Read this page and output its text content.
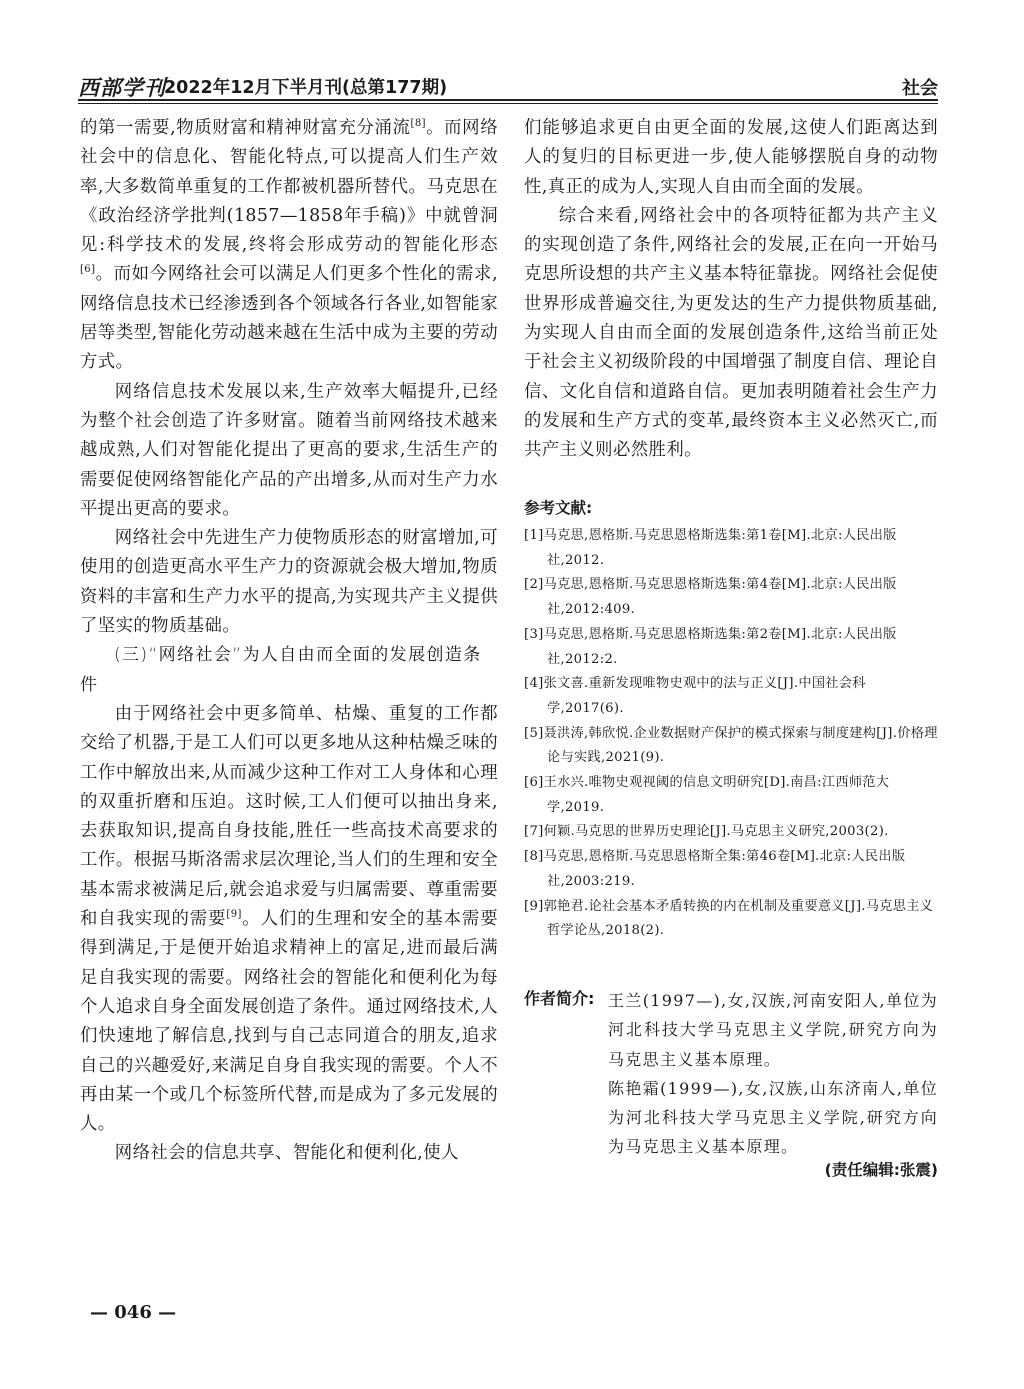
西部学刊
2022年12月下半月刊(总第177期)	社会

的第一需要,物质财富和精神财富充分涌流[8]。而网络社会中的信息化、智能化特点,可以提高人们生产效率,大多数简单重复的工作都被机器所替代。马克思在《政治经济学批判(1857—1858年手稿)》中就曾洞见:科学技术的发展,终将会形成劳动的智能化形态[6]。而如今网络社会可以满足人们更多个性化的需求,网络信息技术已经渗透到各个领域各行各业,如智能家居等类型,智能化劳动越来越在生活中成为主要的劳动方式。

网络信息技术发展以来,生产效率大幅提升,已经为整个社会创造了许多财富。随着当前网络技术越来越成熟,人们对智能化提出了更高的要求,生活生产的需要促使网络智能化产品的产出增多,从而对生产力水平提出更高的要求。

网络社会中先进生产力使物质形态的财富增加,可使用的创造更高水平生产力的资源就会极大增加,物质资料的丰富和生产力水平的提高,为实现共产主义提供了坚实的物质基础。

(三)“网络社会”为人自由而全面的发展创造条件

由于网络社会中更多简单、枯燥、重复的工作都交给了机器,于是工人们可以更多地从这种枯燥乏味的工作中解放出来,从而减少这种工作对工人身体和心理的双重折磨和压迫。这时候,工人们便可以抽出身来,去获取知识,提高自身技能,胜任一些高技术高要求的工作。根据马斯洛需求层次理论,当人们的生理和安全基本需求被满足后,就会追求爱与归属需要、尊重需要和自我实现的需要[9]。人们的生理和安全的基本需要得到满足,于是便开始追求精神上的富足,进而最后满足自我实现的需要。网络社会的智能化和便利化为每个人追求自身全面发展创造了条件。通过网络技术,人们快速地了解信息,找到与自己志同道合的朋友,追求自己的兴趣爱好,来满足自身自我实现的需要。个人不再由某一个或几个标签所代替,而是成为了多元发展的人。

网络社会的信息共享、智能化和便利化,使人

们能够追求更自由更全面的发展,这使人们距离达到人的复归的目标更进一步,使人能够摆脱自身的动物性,真正的成为人,实现人自由而全面的发展。

综合来看,网络社会中的各项特征都为共产主义的实现创造了条件,网络社会的发展,正在向一开始马克思所设想的共产主义基本特征靠拢。网络社会促使世界形成普遍交往,为更发达的生产力提供物质基础,为实现人自由而全面的发展创造条件,这给当前正处于社会主义初级阶段的中国增强了制度自信、理论自信、文化自信和道路自信。更加表明随着社会生产力的发展和生产方式的变革,最终资本主义必然灭亡,而共产主义则必然胜利。

参考文献:
[1]马克思,恩格斯.马克思恩格斯选集:第1卷[M].北京:人民出版社,2012.
[2]马克思,恩格斯.马克思恩格斯选集:第4卷[M].北京:人民出版社,2012:409.
[3]马克思,恩格斯.马克思恩格斯选集:第2卷[M].北京:人民出版社,2012:2.
[4]张文喜.重新发现唯物史观中的法与正义[J].中国社会科学,2017(6).
[5]聂洪涛,韩欣悦.企业数据财产保护的模式探索与制度建构[J].价格理论与实践,2021(9).
[6]王水兴.唯物史观视阈的信息文明研究[D].南昌:江西师范大学,2019.
[7]何颖.马克思的世界历史理论[J].马克思主义研究,2003(2).
[8]马克思,恩格斯.马克思恩格斯全集:第46卷[M].北京:人民出版社,2003:219.
[9]郭艳君.论社会基本矛盾转换的内在机制及重要意义[J].马克思主义哲学论丛,2018(2).
作者简介: 王兰(1997—),女,汉族,河南安阳人,单位为河北科技大学马克思主义学院,研究方向为马克思主义基本原理。

陈艳霜(1999—),女,汉族,山东济南人,单位为河北科技大学马克思主义学院,研究方向为马克思主义基本原理。

(责任编辑:张震)
— 046 —
